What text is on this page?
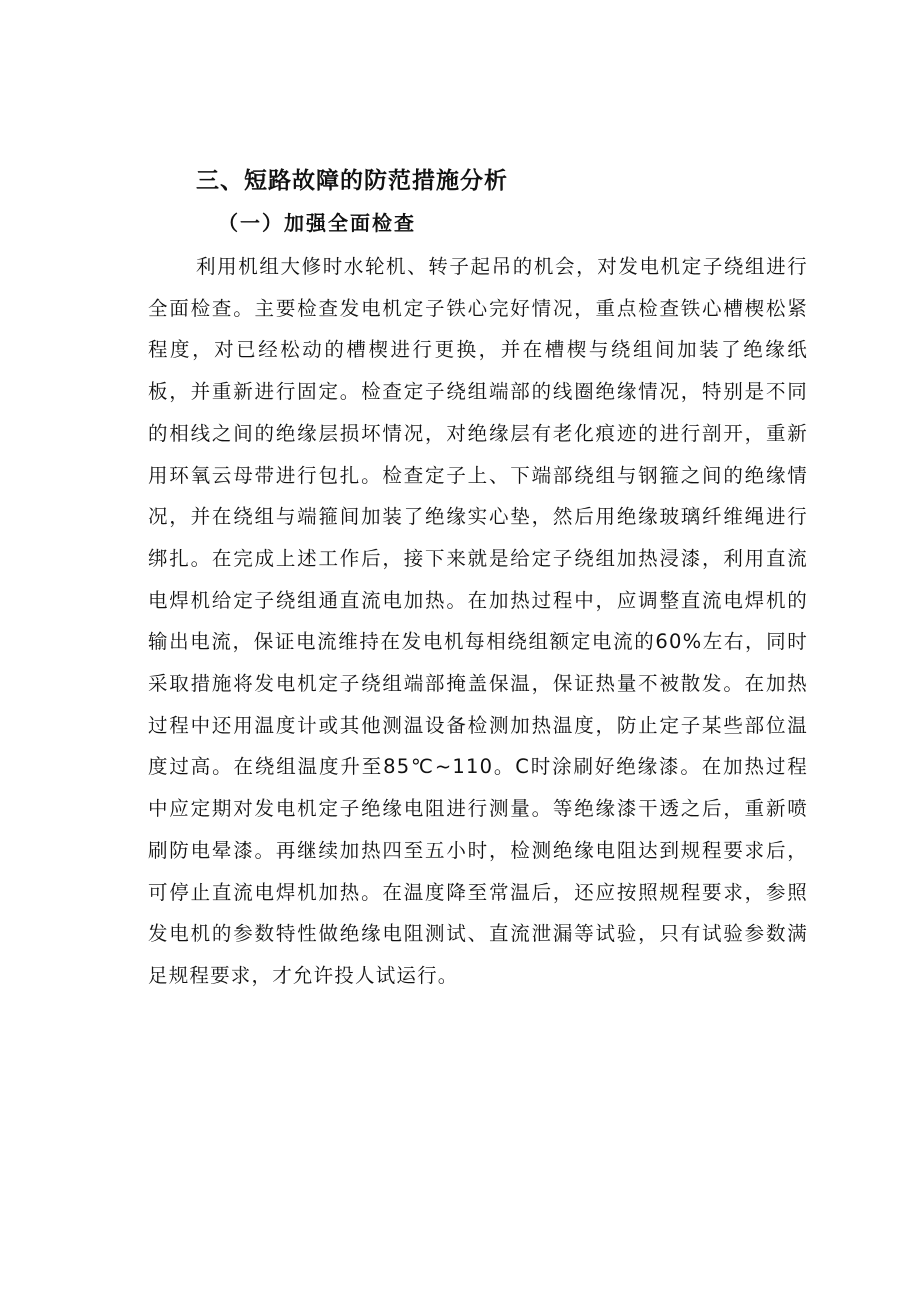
三、短路故障的防范措施分析
（一）加强全面检查

利用机组大修时水轮机、转子起吊的机会，对发电机定子绕组进行全面检查。主要检查发电机定子铁心完好情况，重点检查铁心槽楔松紧程度，对已经松动的槽楔进行更换，并在槽楔与绕组间加装了绝缘纸板，并重新进行固定。检查定子绕组端部的线圈绝缘情况，特别是不同的相线之间的绝缘层损坏情况，对绝缘层有老化痕迹的进行剖开，重新用环氧云母带进行包扎。检查定子上、下端部绕组与钢箍之间的绝缘情况，并在绕组与端箍间加装了绝缘实心垫，然后用绝缘玻璃纤维绳进行绑扎。在完成上述工作后，接下来就是给定子绕组加热浸漆，利用直流电焊机给定子绕组通直流电加热。在加热过程中，应调整直流电焊机的输出电流，保证电流维持在发电机每相绕组额定电流的60%左右，同时采取措施将发电机定子绕组端部掩盖保温，保证热量不被散发。在加热过程中还用温度计或其他测温设备检测加热温度，防止定子某些部位温度过高。在绕组温度升至85℃~110。C时涂刷好绝缘漆。在加热过程中应定期对发电机定子绝缘电阻进行测量。等绝缘漆干透之后，重新喷刷防电晕漆。再继续加热四至五小时，检测绝缘电阻达到规程要求后，可停止直流电焊机加热。在温度降至常温后，还应按照规程要求，参照发电机的参数特性做绝缘电阻测试、直流泄漏等试验，只有试验参数满足规程要求，才允许投人试运行。
